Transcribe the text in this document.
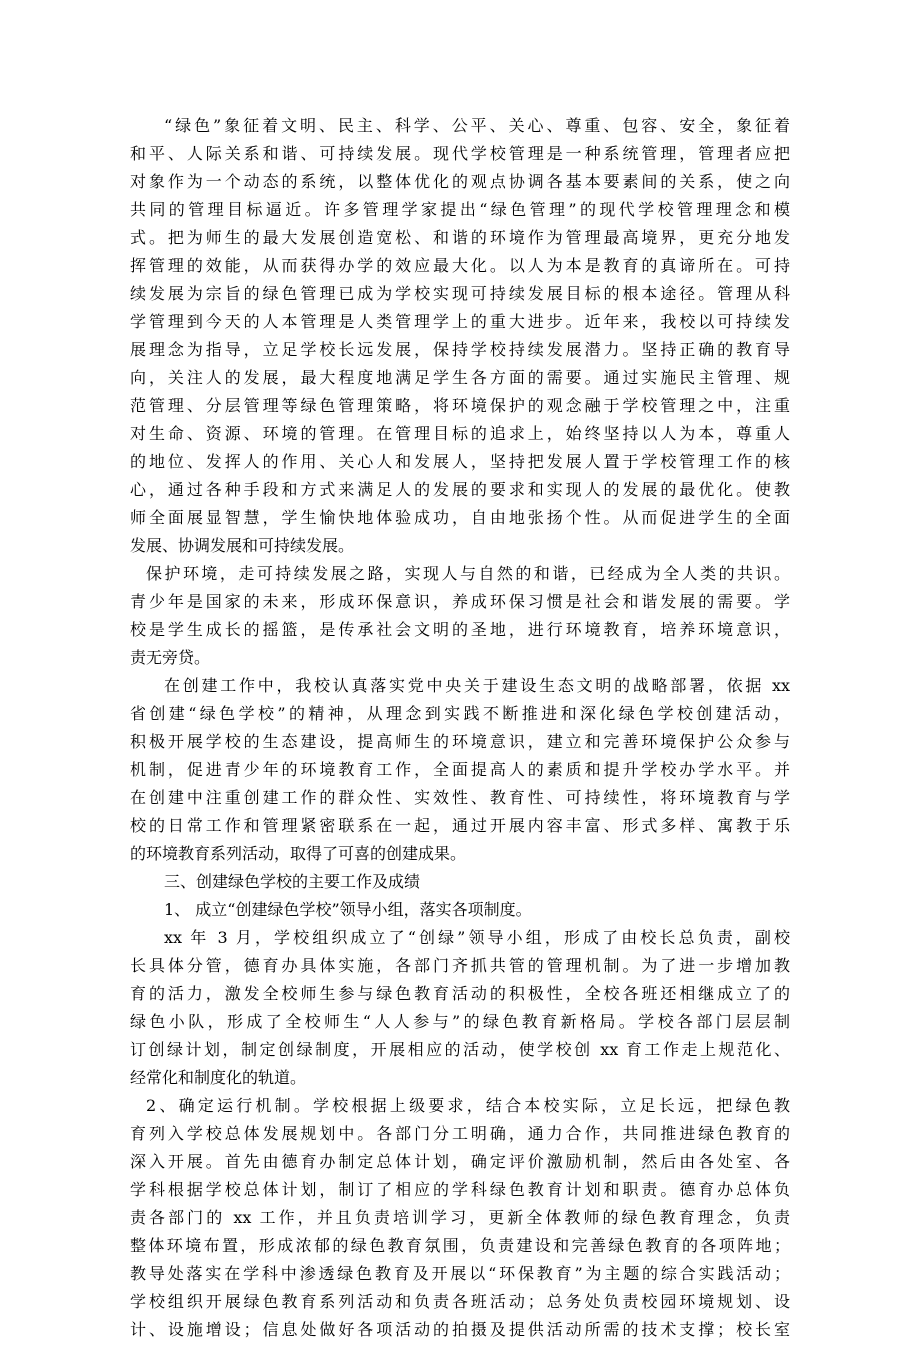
“绿色”象征着文明、民主、科学、公平、关心、尊重、包容、安全，象征着
和平、人际关系和谐、可持续发展。现代学校管理是一种系统管理，管理者应把
对象作为一个动态的系统，以整体优化的观点协调各基本要素间的关系，使之向
共同的管理目标逼近。许多管理学家提出“绿色管理”的现代学校管理理念和模
式。把为师生的最大发展创造宽松、和谐的环境作为管理最高境界，更充分地发
挥管理的效能，从而获得办学的效应最大化。以人为本是教育的真谛所在。可持
续发展为宗旨的绿色管理已成为学校实现可持续发展目标的根本途径。管理从科
学管理到今天的人本管理是人类管理学上的重大进步。近年来，我校以可持续发
展理念为指导，立足学校长远发展，保持学校持续发展潜力。坚持正确的教育导
向，关注人的发展，最大程度地满足学生各方面的需要。通过实施民主管理、规
范管理、分层管理等绿色管理策略，将环境保护的观念融于学校管理之中，注重
对生命、资源、环境的管理。在管理目标的追求上，始终坚持以人为本，尊重人
的地位、发挥人的作用、关心人和发展人，坚持把发展人置于学校管理工作的核
心，通过各种手段和方式来满足人的发展的要求和实现人的发展的最优化。使教
师全面展显智慧，学生愉快地体验成功，自由地张扬个性。从而促进学生的全面
发展、协调发展和可持续发展。
保护环境，走可持续发展之路，实现人与自然的和谐，已经成为全人类的共识。
青少年是国家的未来，形成环保意识，养成环保习惯是社会和谐发展的需要。学
校是学生成长的摇篮，是传承社会文明的圣地，进行环境教育，培养环境意识，
责无旁贷。
在创建工作中，我校认真落实党中央关于建设生态文明的战略部署，依据 xx
省创建“绿色学校”的精神，从理念到实践不断推进和深化绿色学校创建活动，
积极开展学校的生态建设，提高师生的环境意识，建立和完善环境保护公众参与
机制，促进青少年的环境教育工作，全面提高人的素质和提升学校办学水平。并
在创建中注重创建工作的群众性、实效性、教育性、可持续性，将环境教育与学
校的日常工作和管理紧密联系在一起，通过开展内容丰富、形式多样、寓教于乐
的环境教育系列活动，取得了可喜的创建成果。
三、创建绿色学校的主要工作及成绩
1、 成立“创建绿色学校”领导小组，落实各项制度。
xx 年 3 月，学校组织成立了“创绿”领导小组，形成了由校长总负责，副校
长具体分管，德育办具体实施，各部门齐抓共管的管理机制。为了进一步增加教
育的活力，激发全校师生参与绿色教育活动的积极性，全校各班还相继成立了的
绿色小队，形成了全校师生“人人参与”的绿色教育新格局。学校各部门层层制
订创绿计划，制定创绿制度，开展相应的活动，使学校创 xx 育工作走上规范化、
经常化和制度化的轨道。
2、确定运行机制。学校根据上级要求，结合本校实际，立足长远，把绿色教
育列入学校总体发展规划中。各部门分工明确，通力合作，共同推进绿色教育的
深入开展。首先由德育办制定总体计划，确定评价激励机制，然后由各处室、各
学科根据学校总体计划，制订了相应的学科绿色教育计划和职责。德育办总体负
责各部门的 xx 工作，并且负责培训学习，更新全体教师的绿色教育理念，负责
整体环境布置，形成浓郁的绿色教育氛围，负责建设和完善绿色教育的各项阵地；
教导处落实在学科中渗透绿色教育及开展以“环保教育”为主题的综合实践活动；
学校组织开展绿色教育系列活动和负责各班活动；总务处负责校园环境规划、设
计、设施增设；信息处做好各项活动的拍摄及提供活动所需的技术支撑；校长室
